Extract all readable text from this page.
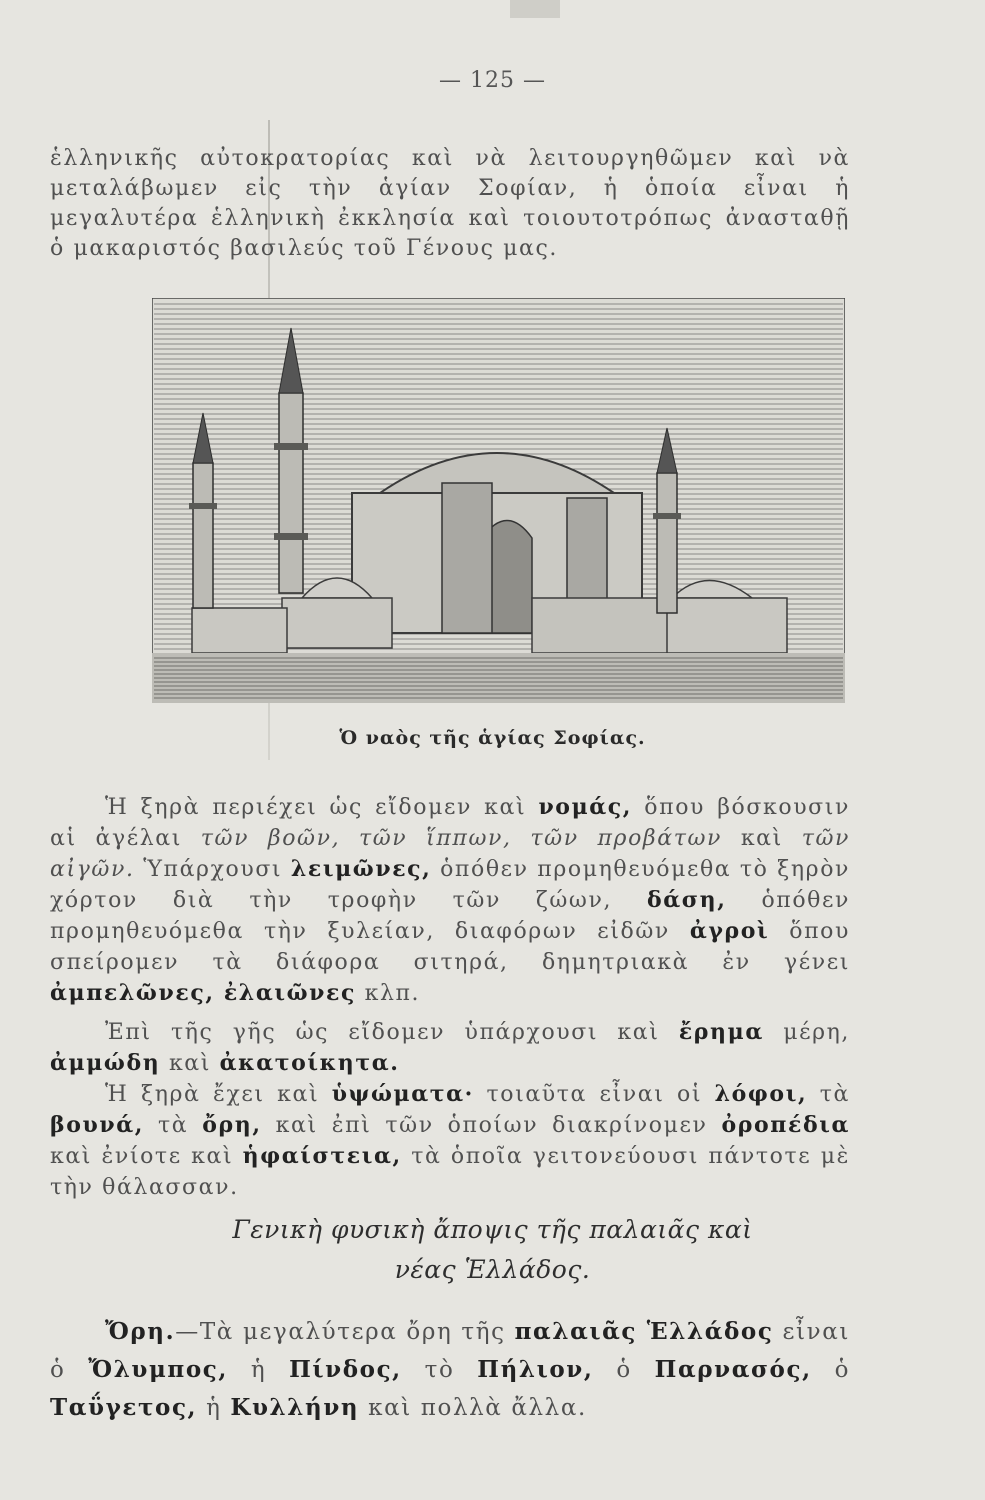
— 125 —

ἑλληνικῆς αὐτοκρατορίας καὶ νὰ λειτουργηθῶμεν καὶ νὰ μεταλάβωμεν εἰς τὴν ἁγίαν Σοφίαν, ἡ ὁποία εἶναι ἡ μεγαλυτέρα ἑλληνικὴ ἐκκλησία καὶ τοιουτοτρόπως ἀνασταθῇ ὁ μακαριστός βασιλεύς τοῦ Γένους μας.

Ὁ ναὸς τῆς ἁγίας Σοφίας.

Ἡ ξηρὰ περιέχει ὡς εἴδομεν καὶ νομάς, ὅπου βόσκουσιν αἱ ἀγέλαι τῶν βοῶν, τῶν ἵππων, τῶν προβάτων καὶ τῶν αἰγῶν. Ὑπάρχουσι λειμῶνες, ὁπόθεν προμηθευόμεθα τὸ ξηρὸν χόρτον διὰ τὴν τροφὴν τῶν ζώων, δάση, ὁπόθεν προμηθευόμεθα τὴν ξυλείαν, διαφόρων εἰδῶν ἀγροὶ ὅπου σπείρομεν τὰ διάφορα σιτηρά, δημητριακὰ ἐν γένει ἀμπελῶνες, ἐλαιῶνες κλπ.

Ἐπὶ τῆς γῆς ὡς εἴδομεν ὑπάρχουσι καὶ ἔρημα μέρη, ἀμμώδη καὶ ἀκατοίκητα.

Ἡ ξηρὰ ἔχει καὶ ὑψώματα· τοιαῦτα εἶναι οἱ λόφοι, τὰ βουνά, τὰ ὄρη, καὶ ἐπὶ τῶν ὁποίων διακρίνομεν ὀροπέδια καὶ ἐνίοτε καὶ ἡφαίστεια, τὰ ὁποῖα γειτονεύουσι πάντοτε μὲ τὴν θάλασσαν.

Γενικὴ φυσικὴ ἄποψις τῆς παλαιᾶς καὶ
νέας Ἑλλάδος.

Ὄρη.—Τὰ μεγαλύτερα ὄρη τῆς παλαιᾶς Ἑλλάδος εἶναι ὁ Ὄλυμπος, ἡ Πίνδος, τὸ Πήλιον, ὁ Παρνασός, ὁ Ταΰγετος, ἡ Κυλλήνη καὶ πολλὰ ἄλλα.
